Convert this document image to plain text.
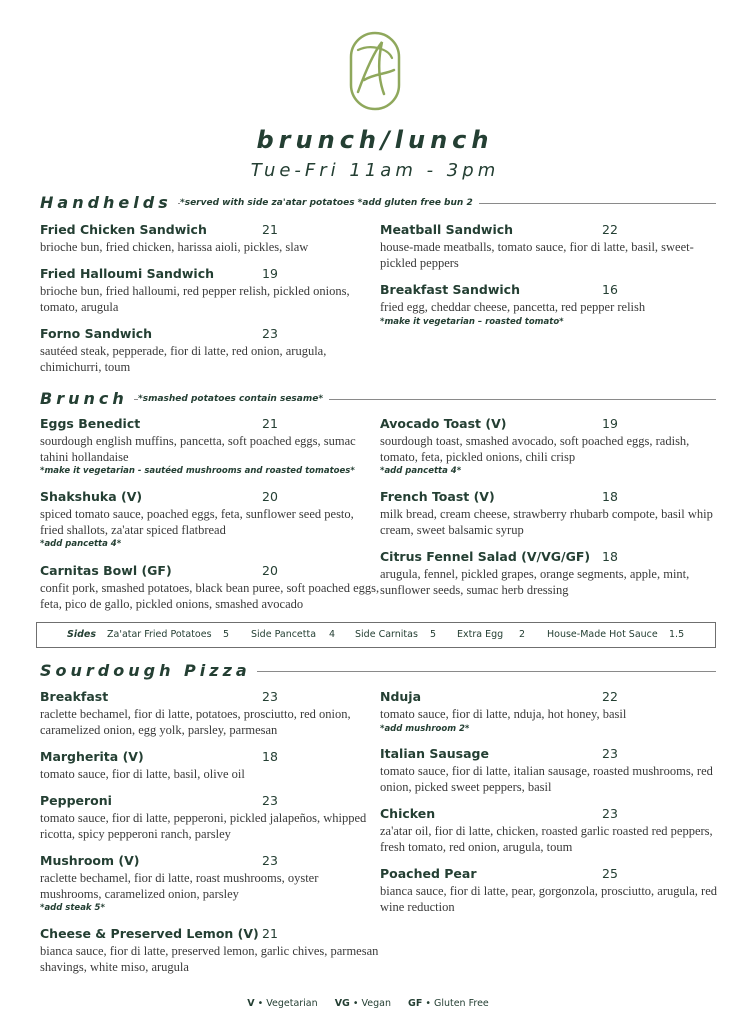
brunch/lunch
Tue-Fri 11am - 3pm
Handhelds *served with side za'atar potatoes *add gluten free bun 2
Fried Chicken Sandwich	21
brioche bun, fried chicken, harissa aioli, pickles, slaw
Fried Halloumi Sandwich	19
brioche bun, fried halloumi, red pepper relish, pickled onions, tomato, arugula
Forno Sandwich	23
sautéed steak, pepperade, fior di latte, red onion, arugula, chimichurri, toum
Meatball Sandwich	22
house-made meatballs, tomato sauce, fior di latte, basil, sweet-pickled peppers
Breakfast Sandwich	16
fried egg, cheddar cheese, pancetta, red pepper relish
*make it vegetarian – roasted tomato*
Brunch	*smashed potatoes contain sesame*
Eggs Benedict	21
sourdough english muffins, pancetta, soft poached eggs, sumac tahini hollandaise
*make it vegetarian - sautéed mushrooms and roasted tomatoes*
Shakshuka (V)	20
spiced tomato sauce, poached eggs, feta, sunflower seed pesto, fried shallots, za'atar spiced flatbread
*add pancetta 4*
Carnitas Bowl (GF)	20
confit pork, smashed potatoes, black bean puree, soft poached eggs, feta, pico de gallo, pickled onions, smashed avocado
Avocado Toast (V)	19
sourdough toast, smashed avocado, soft poached eggs, radish, tomato, feta, pickled onions, chili crisp
*add pancetta 4*
French Toast (V)	18
milk bread, cream cheese, strawberry rhubarb compote, basil whip cream, sweet balsamic syrup
Citrus Fennel Salad (V/VG/GF) 18
arugula, fennel, pickled grapes, orange segments, apple, mint, sunflower seeds, sumac herb dressing
Sides Za'atar Fried Potatoes 5 Side Pancetta 4 Side Carnitas 5 Extra Egg 2 House-Made Hot Sauce 1.5
Sourdough Pizza
Breakfast	23
raclette bechamel, fior di latte, potatoes, prosciutto, red onion, caramelized onion, egg yolk, parsley, parmesan
Margherita (V)	18
tomato sauce, fior di latte, basil, olive oil
Pepperoni	23
tomato sauce, fior di latte, pepperoni, pickled jalapeños, whipped ricotta, spicy pepperoni ranch, parsley
Mushroom (V)	23
raclette bechamel, fior di latte, roast mushrooms, oyster mushrooms, caramelized onion, parsley
*add steak 5*
Cheese & Preserved Lemon (V) 21
bianca sauce, fior di latte, preserved lemon, garlic chives, parmesan shavings, white miso, arugula
Nduja	22
tomato sauce, fior di latte, nduja, hot honey, basil
*add mushroom 2*
Italian Sausage	23
tomato sauce, fior di latte, italian sausage, roasted mushrooms, red onion, picked sweet peppers, basil
Chicken	23
za'atar oil, fior di latte, chicken, roasted garlic roasted red peppers, fresh tomato, red onion, arugula, toum
Poached Pear	25
bianca sauce, fior di latte, pear, gorgonzola, prosciutto, arugula, red wine reduction
V • Vegetarian VG • Vegan GF • Gluten Free
